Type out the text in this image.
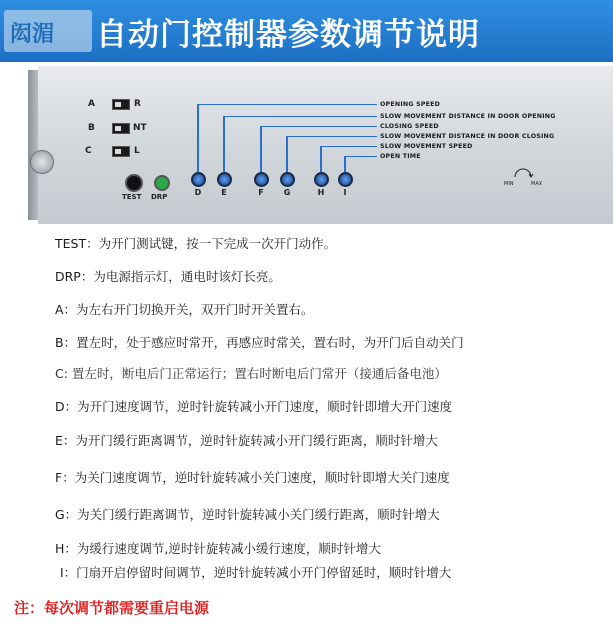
闳湄 自动门控制器参数调节说明
A	R
B	NT
C	L
TEST DRP	D	E	F	G	H	I
OPENING SPEED
SLOW MOVEMENT DISTANCE IN DOOR OPENING
CLOSING SPEED
SLOW MOVEMENT DISTANCE IN DOOR CLOSING
SLOW MOVEMENT SPEED
OPEN TIME
MIN	MAX
TEST：为开门测试键，按一下完成一次开门动作。
DRP：为电源指示灯，通电时该灯长亮。
A：为左右开门切换开关，双开门时开关置右。
B：置左时，处于感应时常开，再感应时常关，置右时，为开门后自动关门
C: 置左时，断电后门正常运行；置右时断电后门常开（接通后备电池）
D：为开门速度调节，逆时针旋转减小开门速度，顺时针即增大开门速度
E：为开门缓行距离调节，逆时针旋转减小开门缓行距离，顺时针增大
F：为关门速度调节，逆时针旋转减小关门速度，顺时针即增大关门速度
G：为关门缓行距离调节，逆时针旋转减小关门缓行距离，顺时针增大
H：为缓行速度调节,逆时针旋转减小缓行速度，顺时针增大
I：门扇开启停留时间调节，逆时针旋转减小开门停留延时，顺时针增大
注：每次调节都需要重启电源
